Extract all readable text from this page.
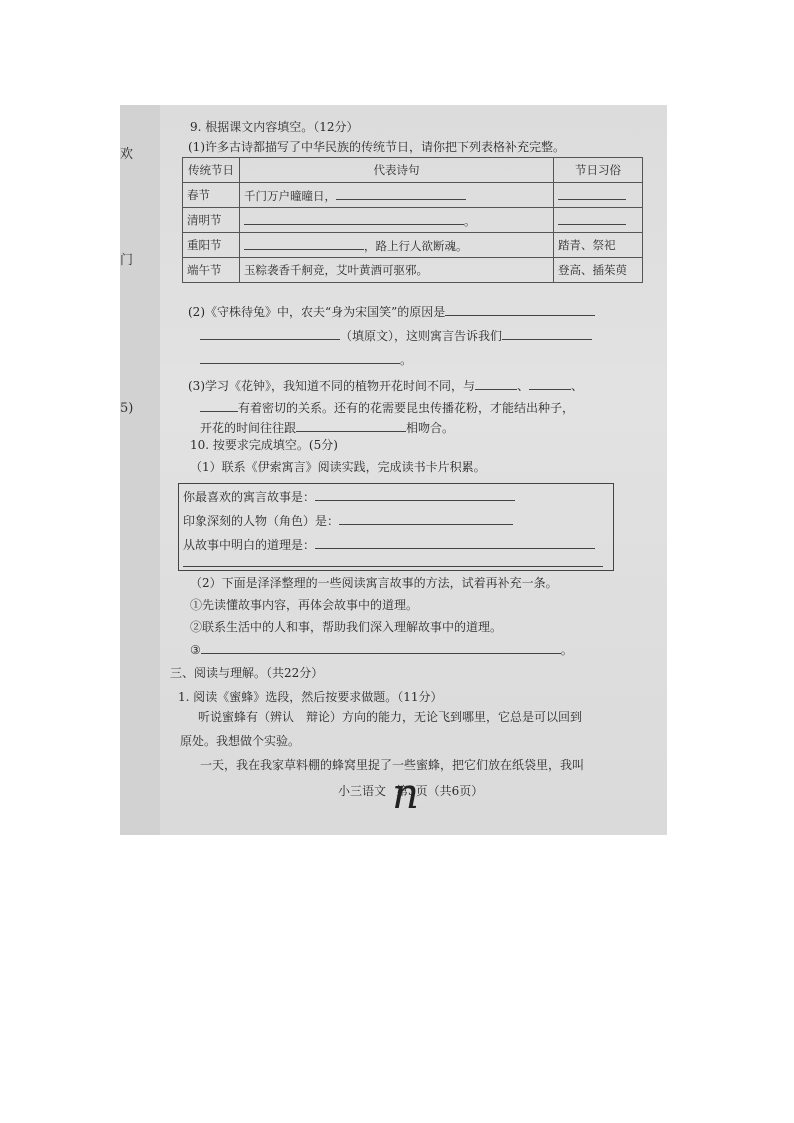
欢
门
5)
9. 根据课文内容填空。（12分）
(1)许多古诗都描写了中华民族的传统节日，请你把下列表格补充完整。
传统节日	代表诗句	节日习俗
春节	千门万户曈曈日，	
清明节	。	
重阳节	，路上行人欲断魂。	踏青、祭祀
端午节	玉粽袭香千舸竞，艾叶黄酒可驱邪。	登高、插茱萸
(2)《守株待兔》中，农夫“身为宋国笑”的原因是
（填原文），这则寓言告诉我们
。
(3)学习《花钟》，我知道不同的植物开花时间不同，与	、	、
有着密切的关系。还有的花需要昆虫传播花粉，才能结出种子，
开花的时间往往跟	相吻合。
10. 按要求完成填空。(5分)
（1）联系《伊索寓言》阅读实践，完成读书卡片积累。
你最喜欢的寓言故事是：
印象深刻的人物（角色）是：
从故事中明白的道理是：
（2）下面是泽泽整理的一些阅读寓言故事的方法，试着再补充一条。
①先读懂故事内容，再体会故事中的道理。
②联系生活中的人和事，帮助我们深入理解故事中的道理。
③	。
三、阅读与理解。（共22分）
1. 阅读《蜜蜂》选段，然后按要求做题。（11分）
听说蜜蜂有（辨认　辩论）方向的能力，无论飞到哪里，它总是可以回到
原处。我想做个实验。
一天，我在我家草料棚的蜂窝里捉了一些蜜蜂，把它们放在纸袋里，我叫
小三语文 第3页（共6页）
n
